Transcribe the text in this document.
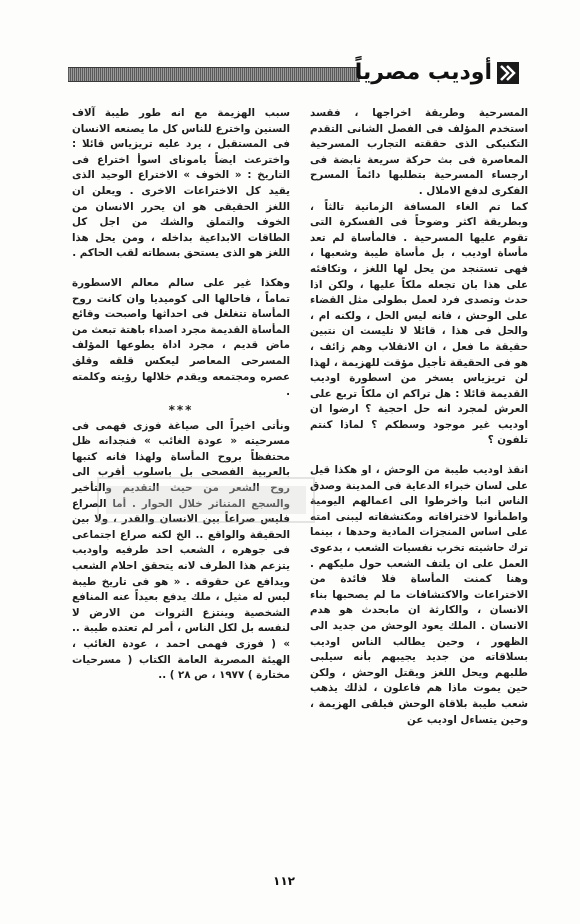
أوديب مصرياً

المسرحية وطريقة اخراجها ، فقسد استخدم المؤلف فى الفصل الشانى التقدم التكنيكى الذى حققته التجارب المسرحية المعاصرة فى بث حركة سريعة نابضة فى ارجساء المسرحية بتطلبها دائماً المسرح الفكرى لدفع الاملال .

كما تم الغاء المسافة الزمانية تالثاً ، وبطريقة اكثر وضوحاً فى الفسكرة التى تقوم عليها المسرحية . فالمأساة لم تعد مأساة اوديب ، بل مأساة طيبة وشعبها ، فهى تستنجد من يحل لها اللغز ، وتكافئه على هذا بان تجعله ملكاً عليها ، ولكن اذا حدث وتصدى فرد لعمل بطولى مثل القضاء على الوحش ، فانه ليس الحل ، ولكنه ام ، والحل فى هذا ، قائلا لا تليست ان نتبين حقيقة ما فعل ، ان الانقلاب وهم زائف ، هو فى الحقيقة تأجيل مؤقت للهزيمة ، لهذا لن تريزياس يسخر من اسطورة اوديب القديمة قائلا : هل تراكم ان ملكاً تربع على العرش لمجرد انه حل احجية ؟ ارضوا ان اوديب غير موجود وسطكم ؟ لماذا كنتم تلفون ؟

انقذ اوديب طيبة من الوحش ، او هكذا قيل على لسان خبراء الدعاية فى المدينة وصدق الناس انبا واخرطوا الى اعمالهم اليومية واطمأنوا لاخترافاته ومكتشفاته ليبنى امته على اساس المنجزات المادية وحدها ، بينما ترك حاشيته تخرب نفسيات الشعب ، بدعوى العمل على ان يلتف الشعب حول مليكهم . وهنا كمنت المأساة فلا فائدة من الاختراعات والاكتشافات ما لم يصحبها بناء الانسان ، والكارثة ان مابحدث هو هدم الانسان . الملك يعود الوحش من جديد الى الظهور ، وحين يطالب الناس اوديب بسلاقاته من جديد يجيبهم بأنه سيلبى طلبهم ويحل اللغز ويقتل الوحش ، ولكن حين يموت ماذا هم فاعلون ، لذلك يذهب شعب طيبة بلاقاة الوحش فيلقى الهزيمة ، وحين يتساءل اوديب عن

سبب الهزيمة مع انه طور طيبة آلاف السنين واخترع للناس كل ما يصنعه الانسان فى المستقبل ، يرد عليه تريزياس قائلا : واخترعت ايضاً ياموناى اسوأ اختراع فى التاريخ : « الخوف » الاختراع الوحيد الذى يقيد كل الاختراعات الاخرى . ويعلن ان اللغز الحقيقى هو ان يحرر الانسان من الخوف والتملق والشك من اجل كل الطاقات الابداعية بداخله ، ومن يحل هذا اللغز هو الذى يستحق بسطاته لقب الحاكم .

وهكذا غير على سالم معالم الاسطورة تماماً ، فاحالها الى كوميديا وان كانت روح المأساة تتغلغل فى احداثها واصبحت وقائع المأساة القديمة مجرد اصداء باهتة تبعث من ماض قديم ، مجرد اداة يطوعها المؤلف المسرحى المعاصر ليعكس قلقه وقلق عصره ومجتمعه ويقدم خلالها رؤيته وكلمته .

***

ونأتى اخيراً الى صياغة فوزى فهمى فى مسرحيته « عودة الغائب » فنجدانه ظل محتفظاً بروح المأساة ولهذا فانه كتبها بالعربية الفصحى بل باسلوب أقرب الى روح الشعر من حيث التقديم والتأخير والسجع المتناثر خلال الحوار . أما الصراع فليس صراعاً بين الانسان والقدر ، ولا بين الحقيقة والواقع .. الخ لكنه صراع اجتماعى فى جوهره ، الشعب احد طرفيه واوديب يتزعم هذا الطرف لانه يتحقق احلام الشعب ويدافع عن حقوقه . « هو فى تاريخ طيبة ليس له مثيل ، ملك يدفع بعيداً عنه المنافع الشخصية وينتزع الثروات من الارض لا لنفسه بل لكل الناس ، أمر لم تعتده طيبة .. » ( فوزى فهمى احمد ، عودة الغائب ، الهيئة المصرية العامة الكتاب ( مسرحيات مختارة ) ١٩٧٧ ، ص ٢٨ ) ..

١١٢
